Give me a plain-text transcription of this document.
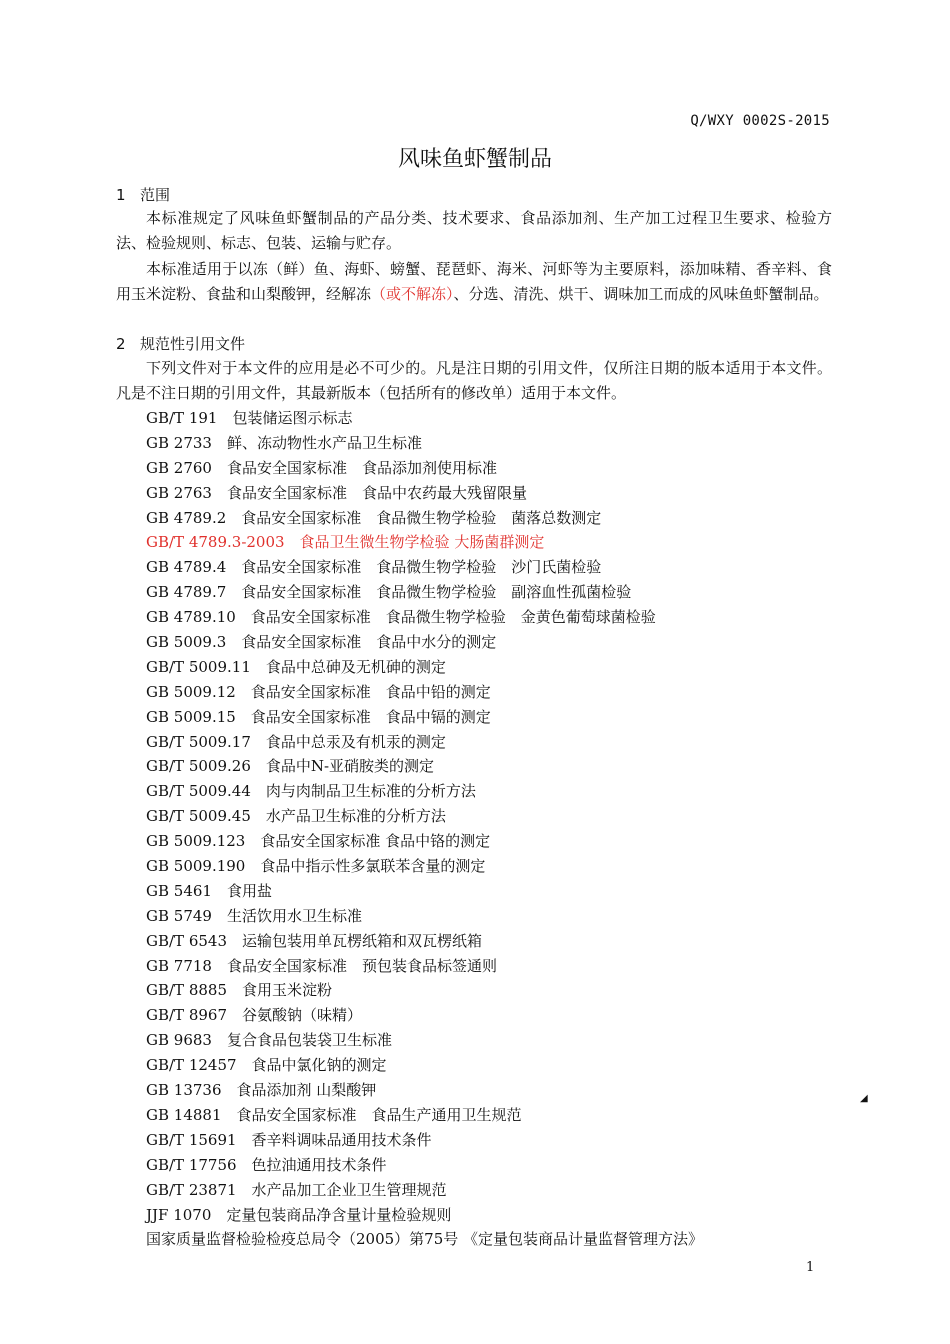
Q/WXY 0002S-2015
风味鱼虾蟹制品
1 范围
本标准规定了风味鱼虾蟹制品的产品分类、技术要求、食品添加剂、生产加工过程卫生要求、检验方法、检验规则、标志、包装、运输与贮存。
本标准适用于以冻（鲜）鱼、海虾、螃蟹、琵琶虾、海米、河虾等为主要原料，添加味精、香辛料、食用玉米淀粉、食盐和山梨酸钾，经解冻（或不解冻）、分选、清洗、烘干、调味加工而成的风味鱼虾蟹制品。
2 规范性引用文件
下列文件对于本文件的应用是必不可少的。凡是注日期的引用文件，仅所注日期的版本适用于本文件。凡是不注日期的引用文件，其最新版本（包括所有的修改单）适用于本文件。
GB/T 191　包装储运图示标志
GB 2733　鲜、冻动物性水产品卫生标准
GB 2760　食品安全国家标准　食品添加剂使用标准
GB 2763　食品安全国家标准　食品中农药最大残留限量
GB 4789.2　食品安全国家标准　食品微生物学检验　菌落总数测定
GB/T 4789.3-2003　食品卫生微生物学检验 大肠菌群测定
GB 4789.4　食品安全国家标准　食品微生物学检验　沙门氏菌检验
GB 4789.7　食品安全国家标准　食品微生物学检验　副溶血性孤菌检验
GB 4789.10　食品安全国家标准　食品微生物学检验　金黄色葡萄球菌检验
GB 5009.3　食品安全国家标准　食品中水分的测定
GB/T 5009.11　食品中总砷及无机砷的测定
GB 5009.12　食品安全国家标准　食品中铅的测定
GB 5009.15　食品安全国家标准　食品中镉的测定
GB/T 5009.17　食品中总汞及有机汞的测定
GB/T 5009.26　食品中N-亚硝胺类的测定
GB/T 5009.44　肉与肉制品卫生标准的分析方法
GB/T 5009.45　水产品卫生标准的分析方法
GB 5009.123　食品安全国家标准 食品中铬的测定
GB 5009.190　食品中指示性多氯联苯含量的测定
GB 5461　食用盐
GB 5749　生活饮用水卫生标准
GB/T 6543　运输包装用单瓦楞纸箱和双瓦楞纸箱
GB 7718　食品安全国家标准　预包装食品标签通则
GB/T 8885　食用玉米淀粉
GB/T 8967　谷氨酸钠（味精）
GB 9683　复合食品包装袋卫生标准
GB/T 12457　食品中氯化钠的测定
GB 13736　食品添加剂 山梨酸钾
GB 14881　食品安全国家标准　食品生产通用卫生规范
GB/T 15691　香辛料调味品通用技术条件
GB/T 17756　色拉油通用技术条件
GB/T 23871　水产品加工企业卫生管理规范
JJF 1070　定量包装商品净含量计量检验规则
国家质量监督检验检疫总局令（2005）第75号 《定量包装商品计量监督管理方法》
◢
1
